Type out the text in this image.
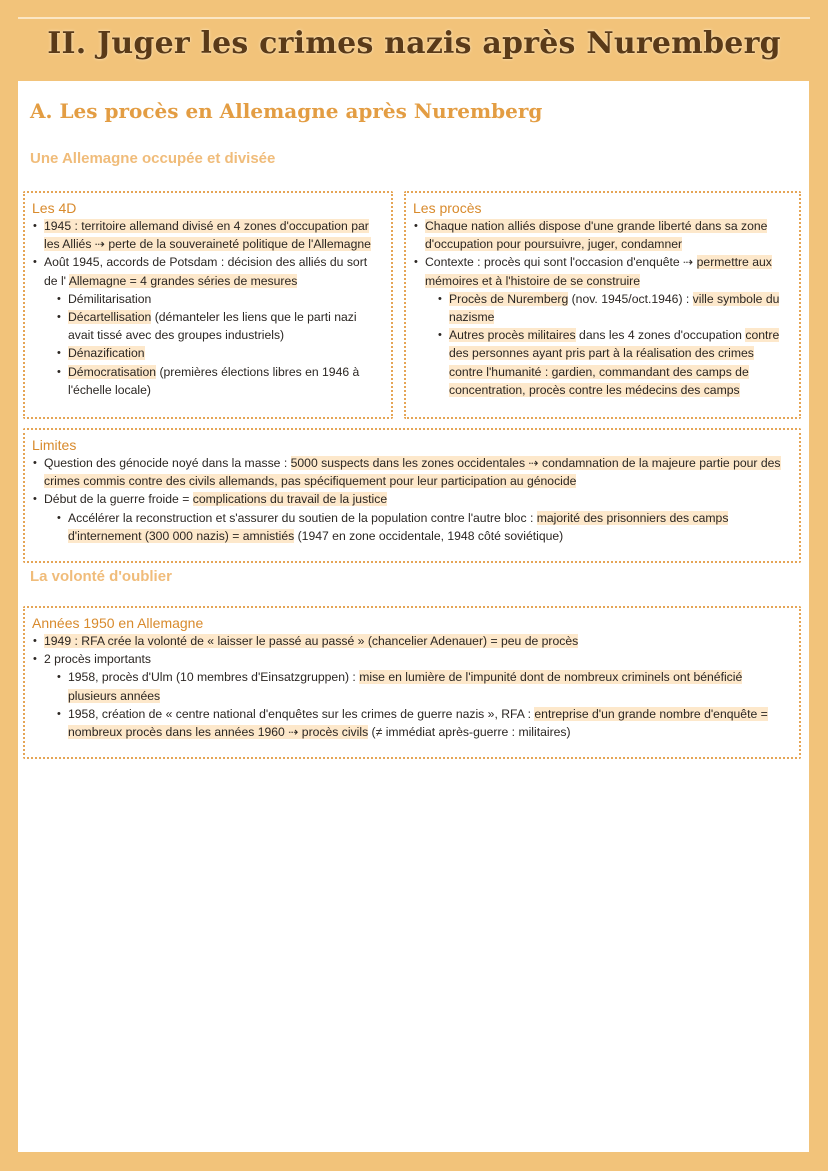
II. Juger les crimes nazis après Nuremberg
A. Les procès en Allemagne après Nuremberg
Une Allemagne occupée et divisée
Les 4D
• 1945 : territoire allemand divisé en 4 zones d'occupation par les Alliés ⇢ perte de la souveraineté politique de l'Allemagne
• Août 1945, accords de Potsdam : décision des alliés du sort de l' Allemagne = 4 grandes séries de mesures
• Démilitarisation
• Décartellisation (démanteler les liens que le parti nazi avait tissé avec des groupes industriels)
• Dénazification
• Démocratisation (premières élections libres en 1946 à l'échelle locale)
Les procès
• Chaque nation alliés dispose d'une grande liberté dans sa zone d'occupation pour poursuivre, juger, condamner
• Contexte : procès qui sont l'occasion d'enquête ⇢ permettre aux mémoires et à l'histoire de se construire
• Procès de Nuremberg (nov. 1945/oct.1946) : ville symbole du nazisme
• Autres procès militaires dans les 4 zones d'occupation contre des personnes ayant pris part à la réalisation des crimes contre l'humanité : gardien, commandant des camps de concentration, procès contre les médecins des camps
Limites
• Question des génocide noyé dans la masse : 5000 suspects dans les zones occidentales ⇢ condamnation de la majeure partie pour des crimes commis contre des civils allemands, pas spécifiquement pour leur participation au génocide
• Début de la guerre froide = complications du travail de la justice
• Accélérer la reconstruction et s'assurer du soutien de la population contre l'autre bloc : majorité des prisonniers des camps d'internement (300 000 nazis) = amnistiés (1947 en zone occidentale, 1948 côté soviétique)
La volonté d'oublier
Années 1950 en Allemagne
• 1949 : RFA crée la volonté de « laisser le passé au passé » (chancelier Adenauer) = peu de procès
• 2 procès importants
• 1958, procès d'Ulm (10 membres d'Einsatzgruppen) : mise en lumière de l'impunité dont de nombreux criminels ont bénéficié plusieurs années
• 1958, création de « centre national d'enquêtes sur les crimes de guerre nazis », RFA : entreprise d'un grande nombre d'enquête = nombreux procès dans les années 1960 ⇢ procès civils (≠ immédiat après-guerre : militaires)
